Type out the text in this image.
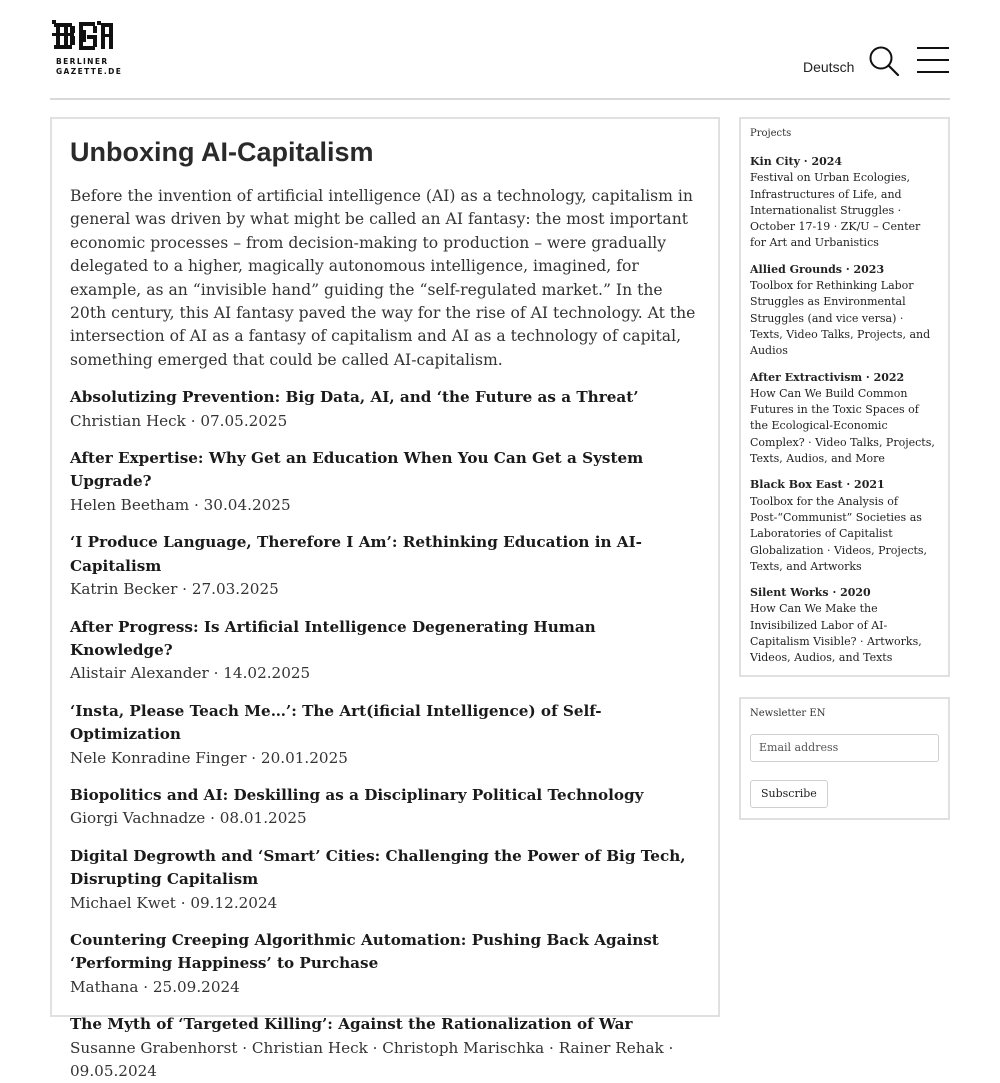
BERLINER
GAZETTE.DE	Deutsch
Unboxing AI-Capitalism

Before the invention of artificial intelligence (AI) as a technology, capitalism in general was driven by what might be called an AI fantasy: the most important economic processes – from decision-making to production – were gradually delegated to a higher, magically autonomous intelligence, imagined, for example, as an “invisible hand” guiding the “self-regulated market.” In the 20th century, this AI fantasy paved the way for the rise of AI technology. At the intersection of AI as a fantasy of capitalism and AI as a technology of capital, something emerged that could be called AI-capitalism.

Absolutizing Prevention: Big Data, AI, and ‘the Future as a Threat’
Christian Heck · 07.05.2025
After Expertise: Why Get an Education When You Can Get a System Upgrade?
Helen Beetham · 30.04.2025
‘I Produce Language, Therefore I Am’: Rethinking Education in AI-Capitalism
Katrin Becker · 27.03.2025
After Progress: Is Artificial Intelligence Degenerating Human Knowledge?
Alistair Alexander · 14.02.2025
‘Insta, Please Teach Me…’: The Art(ificial Intelligence) of Self-Optimization
Nele Konradine Finger · 20.01.2025
Biopolitics and AI: Deskilling as a Disciplinary Political Technology
Giorgi Vachnadze · 08.01.2025
Digital Degrowth and ‘Smart’ Cities: Challenging the Power of Big Tech, Disrupting Capitalism
Michael Kwet · 09.12.2024
Countering Creeping Algorithmic Automation: Pushing Back Against ‘Performing Happiness’ to Purchase
Mathana · 25.09.2024
The Myth of ‘Targeted Killing’: Against the Rationalization of War
Susanne Grabenhorst · Christian Heck · Christoph Marischka · Rainer Rehak · 09.05.2024
Projects
Kin City · 2024
Festival on Urban Ecologies, Infrastructures of Life, and Internationalist Struggles · October 17-19 · ZK/U – Center for Art and Urbanistics
Allied Grounds · 2023
Toolbox for Rethinking Labor Struggles as Environmental Struggles (and vice versa) · Texts, Video Talks, Projects, and Audios
After Extractivism · 2022
How Can We Build Common Futures in the Toxic Spaces of the Ecological-Economic Complex? · Video Talks, Projects, Texts, Audios, and More
Black Box East · 2021
Toolbox for the Analysis of Post-“Communist” Societies as Laboratories of Capitalist Globalization · Videos, Projects, Texts, and Artworks
Silent Works · 2020
How Can We Make the Invisibilized Labor of AI-Capitalism Visible? · Artworks, Videos, Audios, and Texts
Newsletter EN
Email address Subscribe
